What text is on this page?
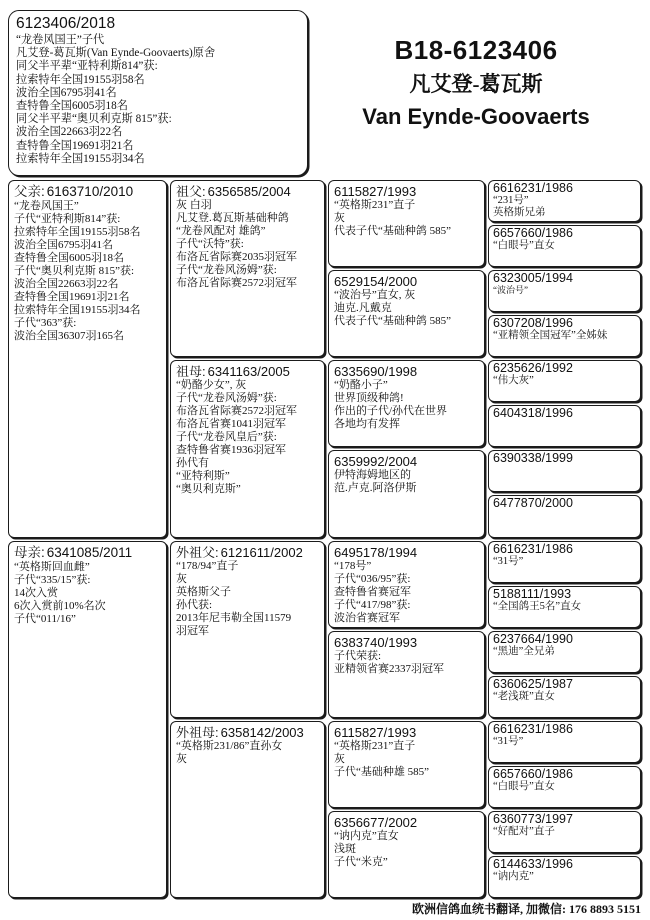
6123406/2018
“龙卷风国王”子代
凡艾登-葛瓦斯(Van Eynde-Goovaerts)原舍
同父半平辈“亚特利斯814”获:
拉索特年全国19155羽58名
波治全国6795羽41名
查特鲁全国6005羽18名
同父半平辈“奥贝利克斯 815”获:
波治全国22663羽22名
查特鲁全国19691羽21名
拉索特年全国19155羽34名
B18-6123406
凡艾登-葛瓦斯
Van Eynde-Goovaerts
父亲: 6163710/2010
“龙卷风国王”
子代“亚特利斯814”获:
拉索特年全国19155羽58名
波治全国6795羽41名
查特鲁全国6005羽18名
子代“奥贝利克斯 815”获:
波治全国22663羽22名
查特鲁全国19691羽21名
拉索特年全国19155羽34名
子代“363”获:
波治全国36307羽165名
母亲: 6341085/2011
“英格斯回血雌”
子代“335/15”获:
14次入赏
6次入赏前10%名次
子代“011/16”
祖父: 6356585/2004
灰 白羽
凡艾登.葛瓦斯基础种鸽
“龙卷风配对 雄鸽”
子代“沃特”获:
布洛瓦省际赛2035羽冠军
子代“龙卷风汤姆”获:
布洛瓦省际赛2572羽冠军
祖母: 6341163/2005
“奶酪少女”, 灰
子代“龙卷风汤姆”获:
布洛瓦省际赛2572羽冠军
布洛瓦省赛1041羽冠军
子代“龙卷风皇后”获:
查特鲁省赛1936羽冠军
孙代有
“亚特利斯”
“奥贝利克斯”
外祖父: 6121611/2002
“178/94”直子
灰
英格斯父子
孙代获:
2013年尼韦勒全国11579
羽冠军
外祖母: 6358142/2003
“英格斯231/86”直孙女
灰
6115827/1993
“英格斯231”直子
灰
代表子代“基础种鸽 585”
6529154/2000
“波治号”直女, 灰
迪克.凡戴克
代表子代“基础种鸽 585”
6335690/1998
“奶酪小子”
世界顶级种鸽!
作出的子代/孙代在世界
各地均有发挥
6359992/2004
伊特海姆地区的
范.卢克.阿洛伊斯
6495178/1994
“178号”
子代“036/95”获:
查特鲁省赛冠军
子代“417/98”获:
波治省赛冠军
6383740/1993
子代荣获:
亚精领省赛2337羽冠军
6115827/1993
“英格斯231”直子
灰
子代“基础种雄 585”
6356677/2002
“讷内克”直女
浅斑
子代“米克”
6616231/1986
“231号”
英格斯兄弟
6657660/1986
“白眼号”直女
6323005/1994
“波治号”
6307208/1996
“亚精领全国冠军”全姊妹
6235626/1992
“伟大灰”
6404318/1996
6390338/1999
6477870/2000
6616231/1986
“31号”
5188111/1993
“全国鸽王5名”直女
6237664/1990
“黑迪”全兄弟
6360625/1987
“老浅斑”直女
6616231/1986
“31号”
6657660/1986
“白眼号”直女
6360773/1997
“好配对”直子
6144633/1996
“讷内克”
欧洲信鸽血统书翻译, 加微信: 176 8893 5151
